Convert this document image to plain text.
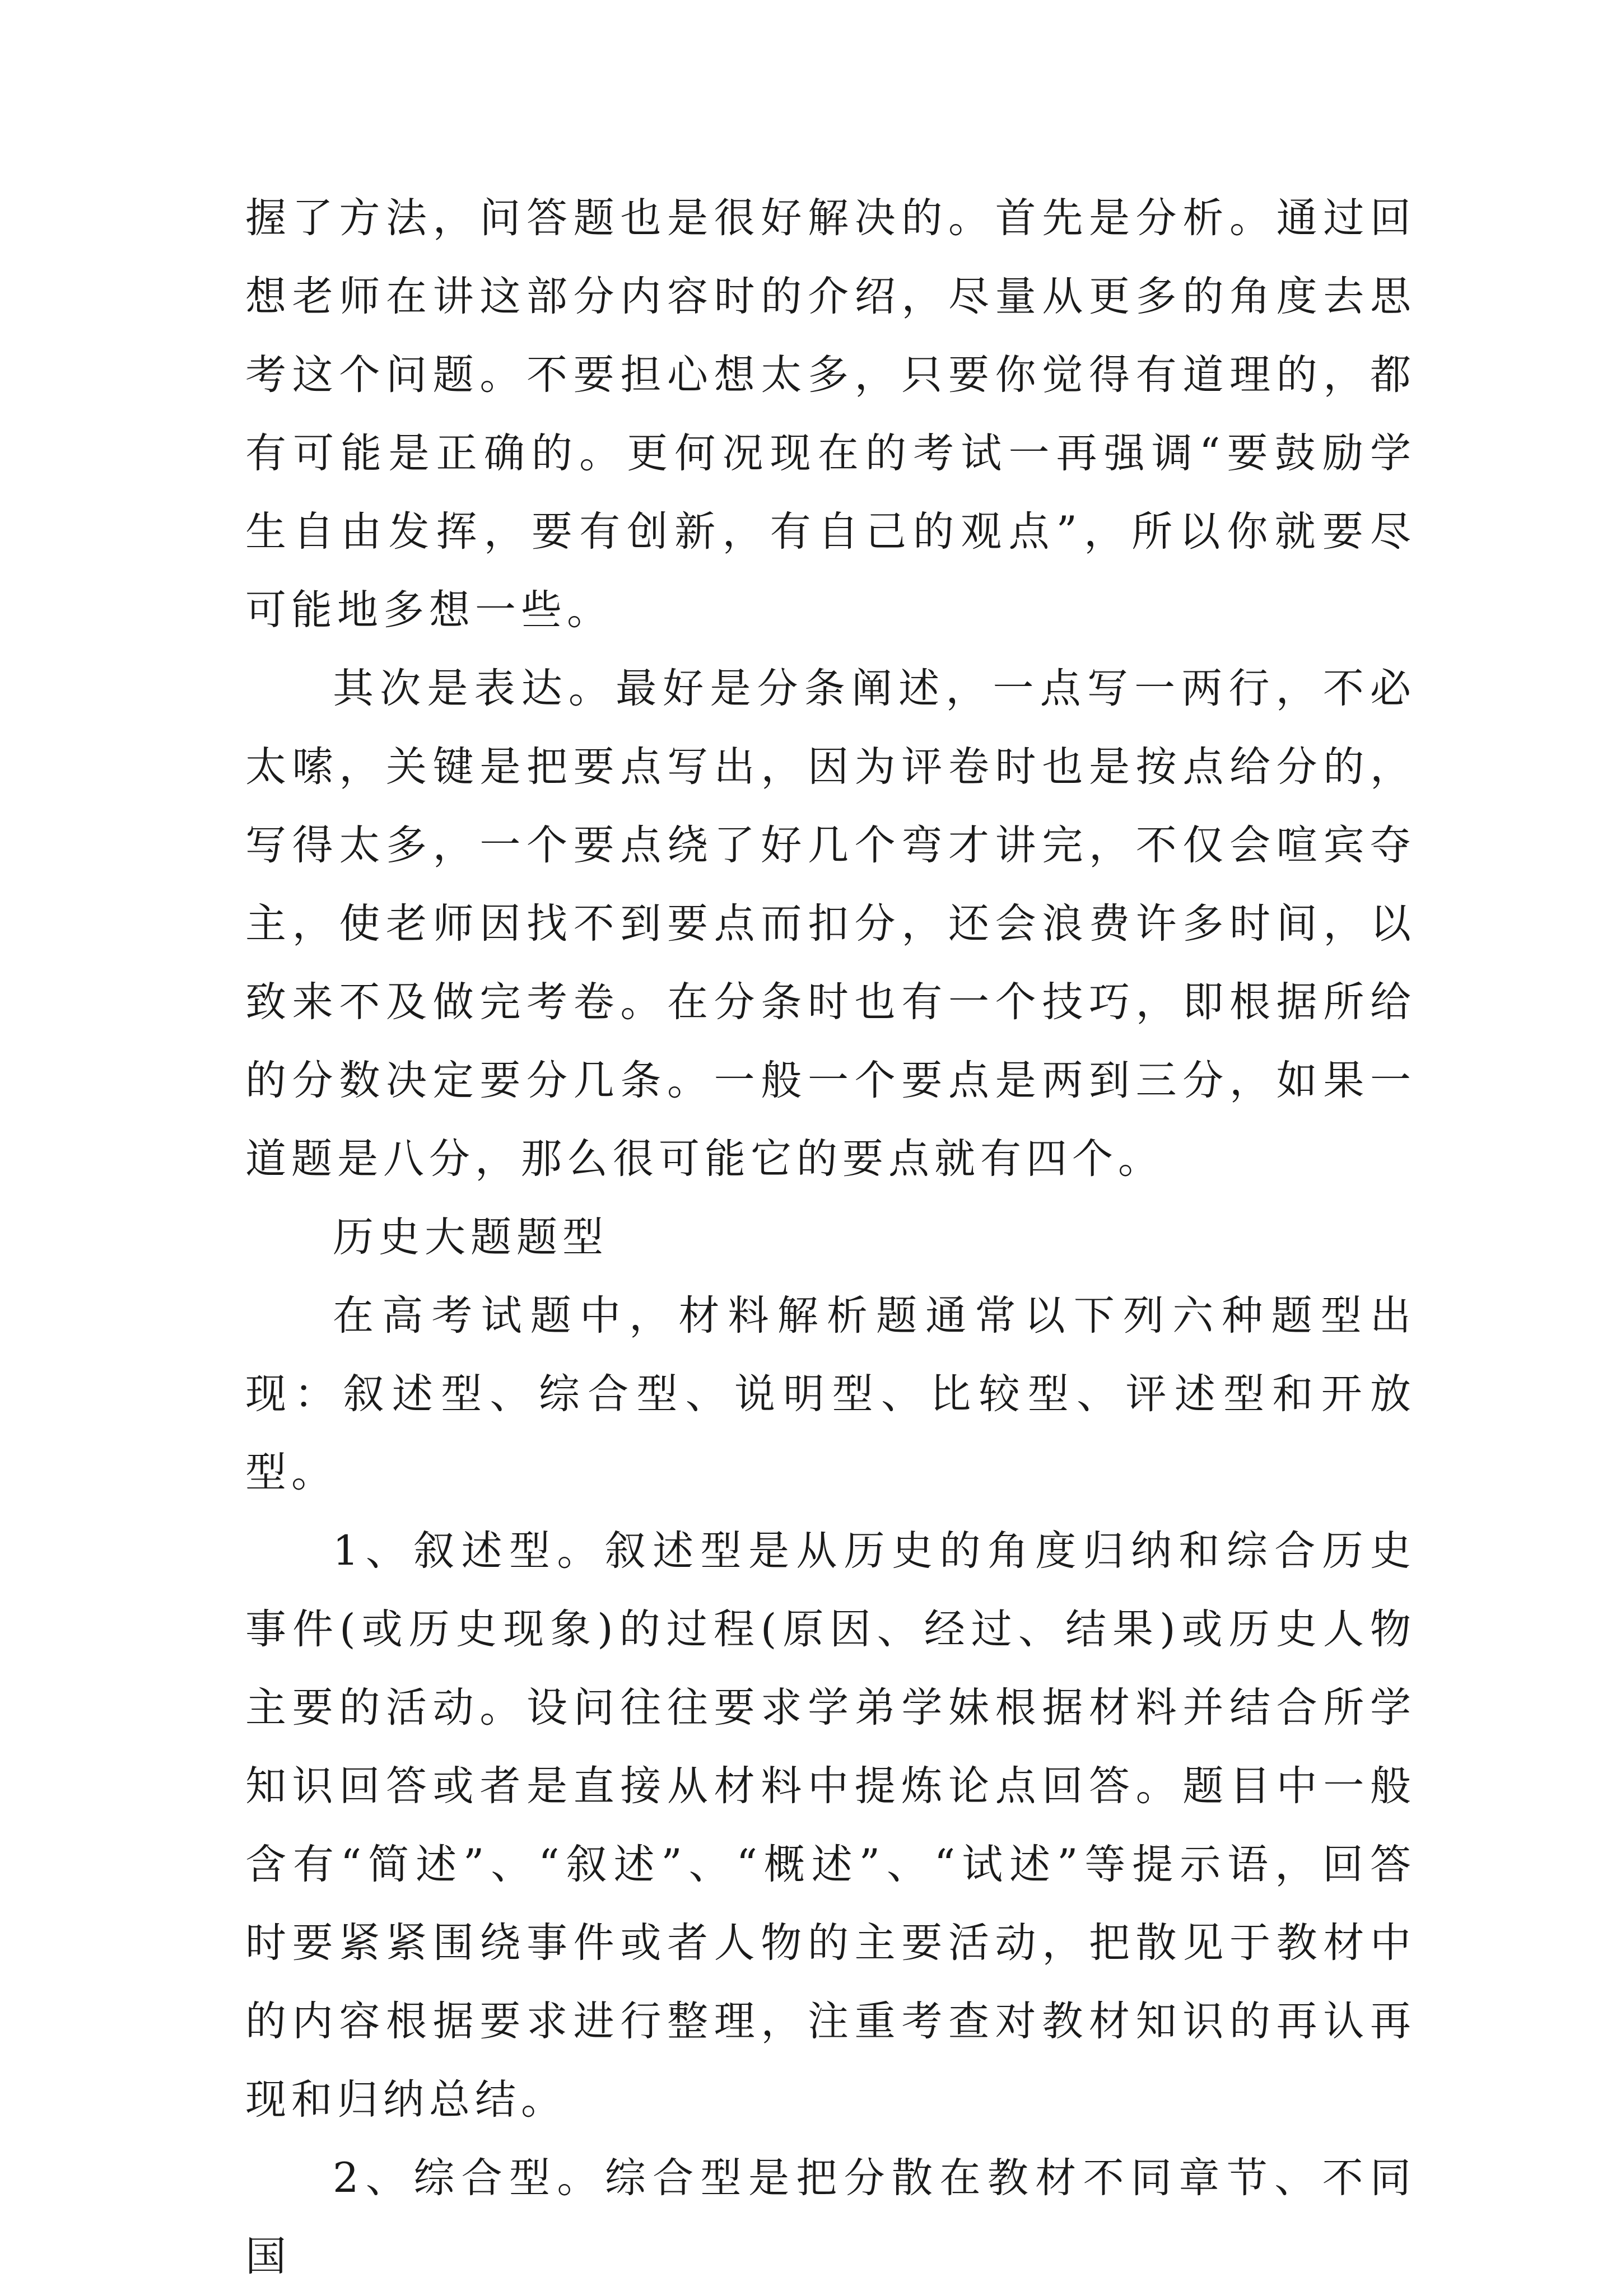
握了方法，问答题也是很好解决的。首先是分析。通过回想老师在讲这部分内容时的介绍，尽量从更多的角度去思考这个问题。不要担心想太多，只要你觉得有道理的，都有可能是正确的。更何况现在的考试一再强调“要鼓励学生自由发挥，要有创新，有自己的观点”，所以你就要尽可能地多想一些。

其次是表达。最好是分条阐述，一点写一两行，不必太嗦，关键是把要点写出，因为评卷时也是按点给分的，写得太多，一个要点绕了好几个弯才讲完，不仅会喧宾夺主，使老师因找不到要点而扣分，还会浪费许多时间，以致来不及做完考卷。在分条时也有一个技巧，即根据所给的分数决定要分几条。一般一个要点是两到三分，如果一道题是八分，那么很可能它的要点就有四个。

历史大题题型

在高考试题中，材料解析题通常以下列六种题型出现：叙述型、综合型、说明型、比较型、评述型和开放型。

1、叙述型。叙述型是从历史的角度归纳和综合历史事件(或历史现象)的过程(原因、经过、结果)或历史人物主要的活动。设问往往要求学弟学妹根据材料并结合所学知识回答或者是直接从材料中提炼论点回答。题目中一般含有“简述”、“叙述”、“概述”、“试述”等提示语，回答时要紧紧围绕事件或者人物的主要活动，把散见于教材中的内容根据要求进行整理，注重考查对教材知识的再认再现和归纳总结。

2、综合型。综合型是把分散在教材不同章节、不同国
